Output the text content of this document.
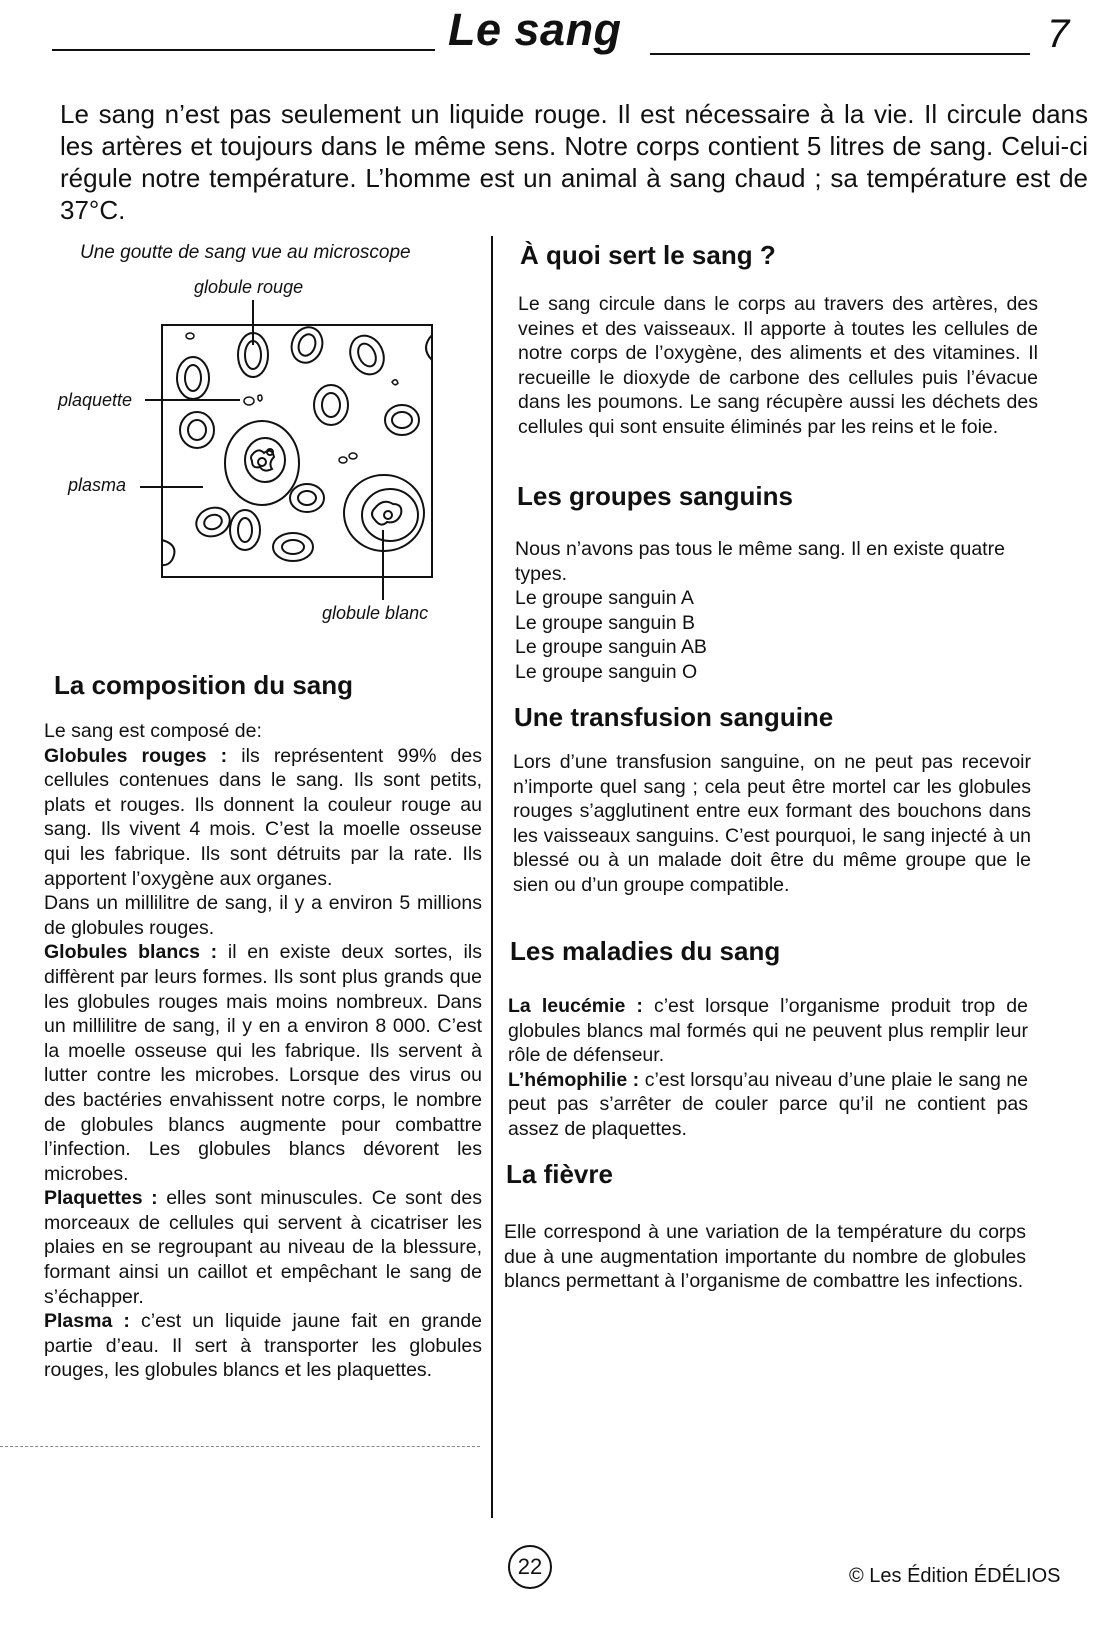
Le sang	7
Le sang n’est pas seulement un liquide rouge. Il est nécessaire à la vie. Il circule dans les artères et toujours dans le même sens. Notre corps contient 5 litres de sang. Celui-ci régule notre température. L’homme est un animal à sang chaud ; sa température est de 37°C.
Une goutte de sang vue au microscope
globule rouge
plaquette
plasma
globule blanc
La composition du sang

Le sang est composé de:

Globules rouges : ils représentent 99% des cellules contenues dans le sang. Ils sont petits, plats et rouges. Ils donnent la couleur rouge au sang. Ils vivent 4 mois. C’est la moelle osseuse qui les fabrique. Ils sont détruits par la rate. Ils apportent l’oxygène aux organes.

Dans un millilitre de sang, il y a environ 5 millions de globules rouges.

Globules blancs : il en existe deux sortes, ils diffèrent par leurs formes. Ils sont plus grands que les globules rouges mais moins nombreux. Dans un millilitre de sang, il y en a environ 8 000. C’est la moelle osseuse qui les fabrique. Ils servent à lutter contre les microbes. Lorsque des virus ou des bactéries envahissent notre corps, le nombre de globules blancs augmente pour combattre l’infection. Les globules blancs dévorent les microbes.

Plaquettes : elles sont minuscules. Ce sont des morceaux de cellules qui servent à cicatriser les plaies en se regroupant au niveau de la blessure, formant ainsi un caillot et empêchant le sang de s’échapper.

Plasma : c’est un liquide jaune fait en grande partie d’eau. Il sert à transporter les globules rouges, les globules blancs et les plaquettes.

À quoi sert le sang ?

Le sang circule dans le corps au travers des artères, des veines et des vaisseaux. Il apporte à toutes les cellules de notre corps de l’oxygène, des aliments et des vitamines. Il recueille le dioxyde de carbone des cellules puis l’évacue dans les poumons. Le sang récupère aussi les déchets des cellules qui sont ensuite éliminés par les reins et le foie.

Les groupes sanguins

Nous n’avons pas tous le même sang. Il en existe quatre types.

Le groupe sanguin A

Le groupe sanguin B

Le groupe sanguin AB

Le groupe sanguin O

Une transfusion sanguine

Lors d’une transfusion sanguine, on ne peut pas recevoir n’importe quel sang ; cela peut être mortel car les globules rouges s’agglutinent entre eux formant des bouchons dans les vaisseaux sanguins. C’est pourquoi, le sang injecté à un blessé ou à un malade doit être du même groupe que le sien ou d’un groupe compatible.

Les maladies du sang

La leucémie : c’est lorsque l’organisme produit trop de globules blancs mal formés qui ne peuvent plus remplir leur rôle de défenseur.

L’hémophilie : c’est lorsqu’au niveau d’une plaie le sang ne peut pas s’arrêter de couler parce qu’il ne contient pas assez de plaquettes.

La fièvre

Elle correspond à une variation de la température du corps due à une augmentation importante du nombre de globules blancs permettant à l’organisme de combattre les infections.

22	© Les Édition ÉDÉLIOS
